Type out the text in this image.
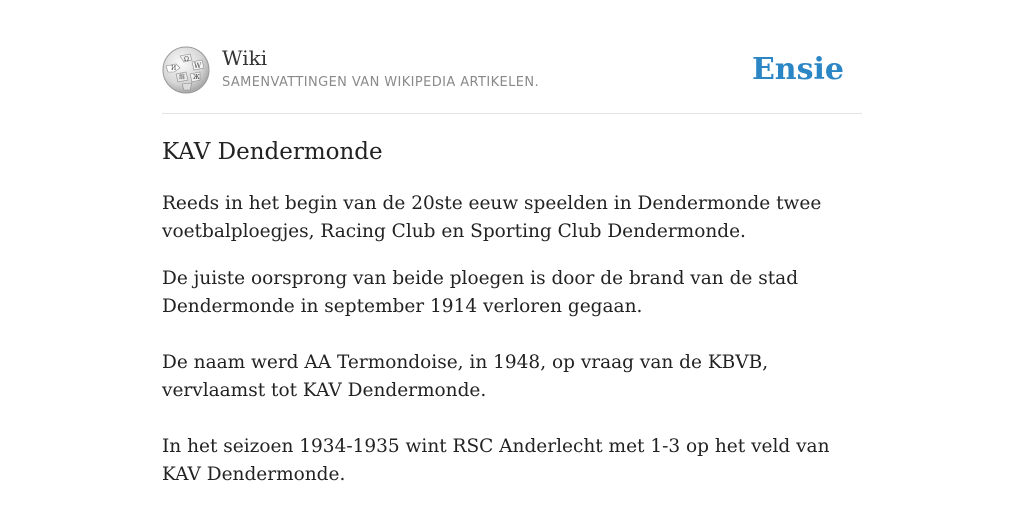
Ω
W
И
維 Ж
Wiki
SAMENVATTINGEN VAN WIKIPEDIA ARTIKELEN.	Ensie
KAV Dendermonde

Reeds in het begin van de 20ste eeuw speelden in Dendermonde twee voetbalploegjes, Racing Club en Sporting Club Dendermonde.

De juiste oorsprong van beide ploegen is door de brand van de stad Dendermonde in september 1914 verloren gegaan.

De naam werd AA Termondoise, in 1948, op vraag van de KBVB, vervlaamst tot KAV Dendermonde.

In het seizoen 1934-1935 wint RSC Anderlecht met 1-3 op het veld van KAV Dendermonde.
